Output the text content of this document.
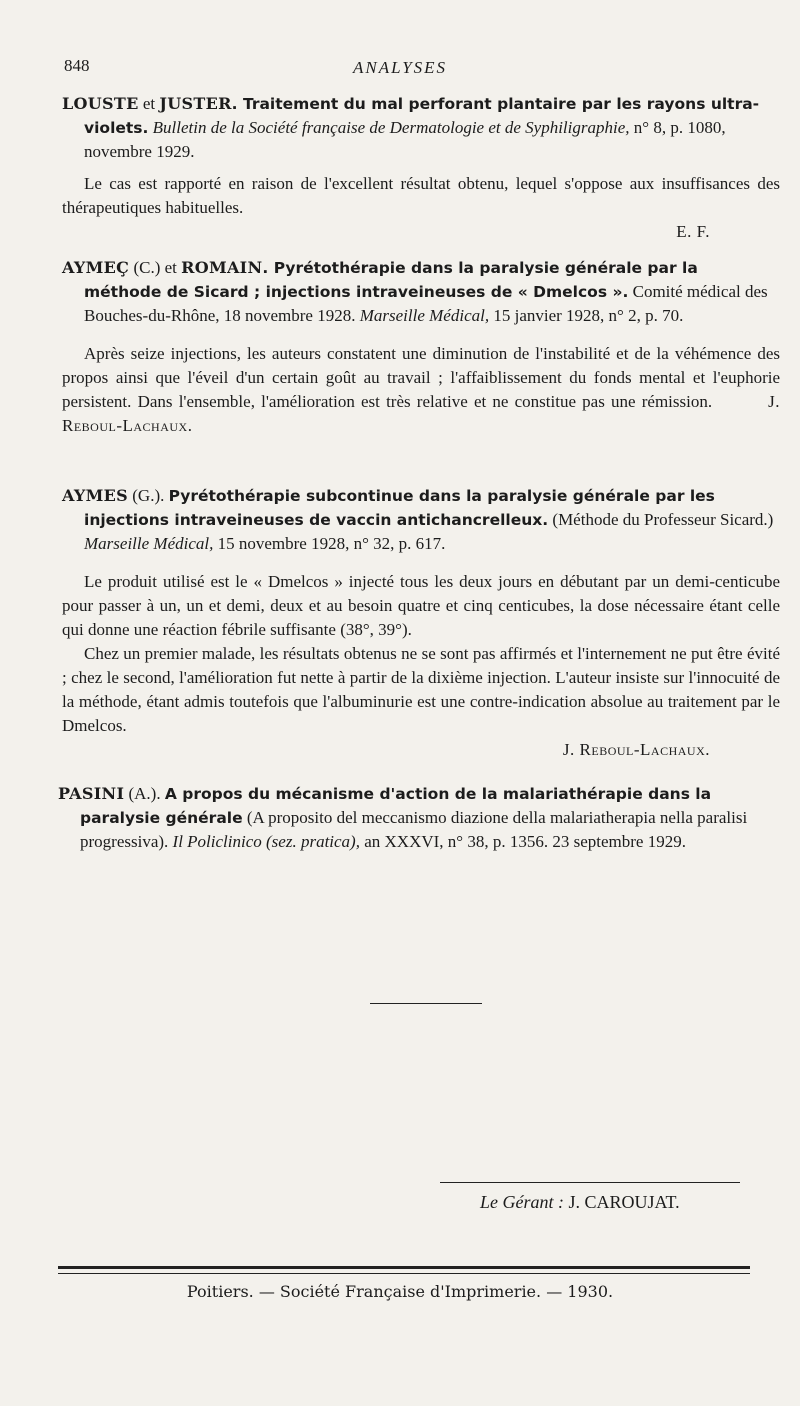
848	ANALYSES

LOUSTE et JUSTER. Traitement du mal perforant plantaire par les rayons ultra-violets. Bulletin de la Société française de Dermatologie et de Syphiligraphie, n° 8, p. 1080, novembre 1929.

Le cas est rapporté en raison de l'excellent résultat obtenu, lequel s'oppose aux insuffisances des thérapeutiques habituelles.

E. F.

AYMEÇ (C.) et ROMAIN. Pyrétothérapie dans la paralysie générale par la méthode de Sicard ; injections intraveineuses de « Dmelcos ». Comité médical des Bouches-du-Rhône, 18 novembre 1928. Marseille Médical, 15 janvier 1928, n° 2, p. 70.

Après seize injections, les auteurs constatent une diminution de l'instabilité et de la véhémence des propos ainsi que l'éveil d'un certain goût au travail ; l'affaiblissement du fonds mental et l'euphorie persistent. Dans l'ensemble, l'amélioration est très relative et ne constitue pas une rémission.	J. Reboul-Lachaux.

AYMES (G.). Pyrétothérapie subcontinue dans la paralysie générale par les injections intraveineuses de vaccin antichancrelleux. (Méthode du Professeur Sicard.) Marseille Médical, 15 novembre 1928, n° 32, p. 617.

Le produit utilisé est le « Dmelcos » injecté tous les deux jours en débutant par un demi-centicube pour passer à un, un et demi, deux et au besoin quatre et cinq centicubes, la dose nécessaire étant celle qui donne une réaction fébrile suffisante (38°, 39°).

Chez un premier malade, les résultats obtenus ne se sont pas affirmés et l'internement ne put être évité ; chez le second, l'amélioration fut nette à partir de la dixième injection. L'auteur insiste sur l'innocuité de la méthode, étant admis toutefois que l'albuminurie est une contre-indication absolue au traitement par le Dmelcos.

J. Reboul-Lachaux.

PASINI (A.). A propos du mécanisme d'action de la malariathérapie dans la paralysie générale (A proposito del meccanismo diazione della malariatherapia nella paralisi progressiva). Il Policlinico (sez. pratica), an XXXVI, n° 38, p. 1356. 23 septembre 1929.

Le Gérant : J. CAROUJAT.
Poitiers. — Société Française d'Imprimerie. — 1930.
